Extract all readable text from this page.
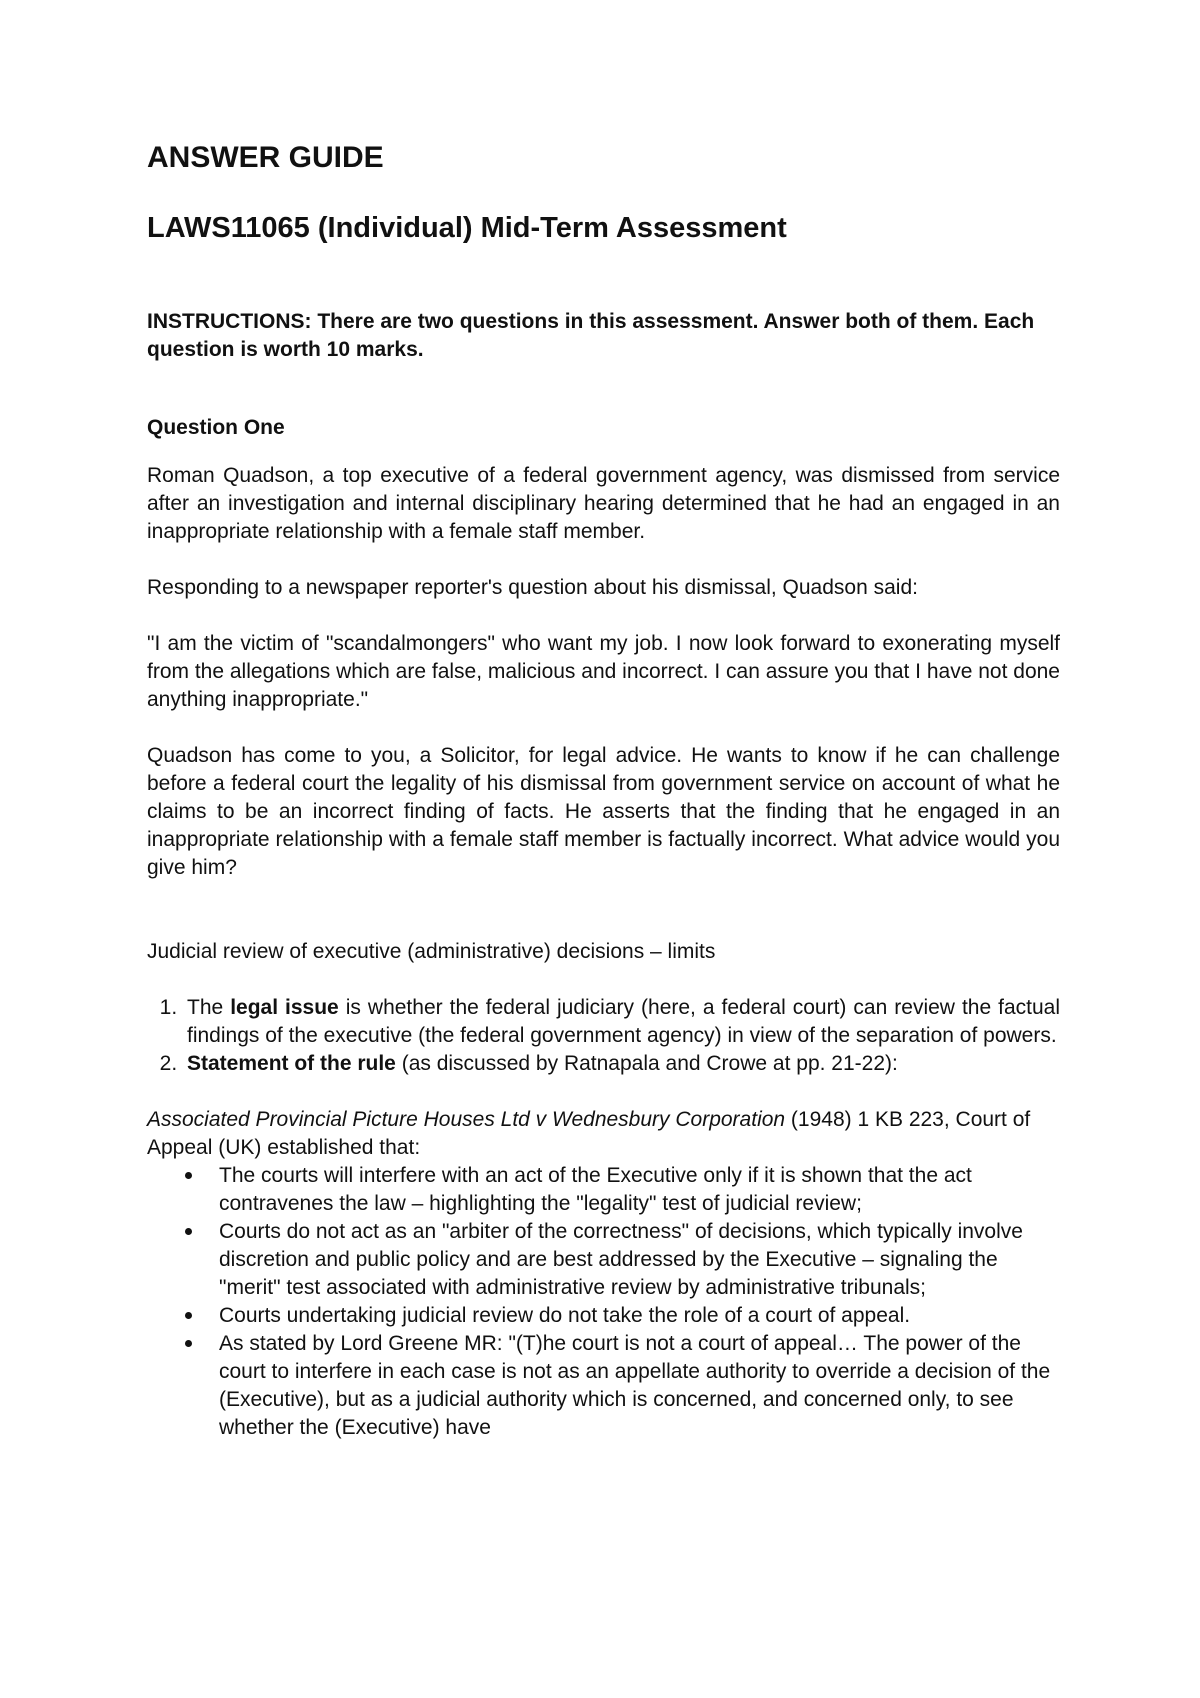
ANSWER GUIDE
LAWS11065 (Individual) Mid-Term Assessment

INSTRUCTIONS: There are two questions in this assessment. Answer both of them. Each question is worth 10 marks.

Question One

Roman Quadson, a top executive of a federal government agency, was dismissed from service after an investigation and internal disciplinary hearing determined that he had an engaged in an inappropriate relationship with a female staff member.

Responding to a newspaper reporter's question about his dismissal, Quadson said:

"I am the victim of "scandalmongers" who want my job. I now look forward to exonerating myself from the allegations which are false, malicious and incorrect. I can assure you that I have not done anything inappropriate."

Quadson has come to you, a Solicitor, for legal advice. He wants to know if he can challenge before a federal court the legality of his dismissal from government service on account of what he claims to be an incorrect finding of facts. He asserts that the finding that he engaged in an inappropriate relationship with a female staff member is factually incorrect. What advice would you give him?

Judicial review of executive (administrative) decisions – limits

1. The legal issue is whether the federal judiciary (here, a federal court) can review the factual findings of the executive (the federal government agency) in view of the separation of powers.
2. Statement of the rule (as discussed by Ratnapala and Crowe at pp. 21-22):

Associated Provincial Picture Houses Ltd v Wednesbury Corporation (1948) 1 KB 223, Court of Appeal (UK) established that:

The courts will interfere with an act of the Executive only if it is shown that the act contravenes the law – highlighting the "legality" test of judicial review;
Courts do not act as an "arbiter of the correctness" of decisions, which typically involve discretion and public policy and are best addressed by the Executive – signaling the "merit" test associated with administrative review by administrative tribunals;
Courts undertaking judicial review do not take the role of a court of appeal.
As stated by Lord Greene MR: "(T)he court is not a court of appeal… The power of the court to interfere in each case is not as an appellate authority to override a decision of the (Executive), but as a judicial authority which is concerned, and concerned only, to see whether the (Executive) have
